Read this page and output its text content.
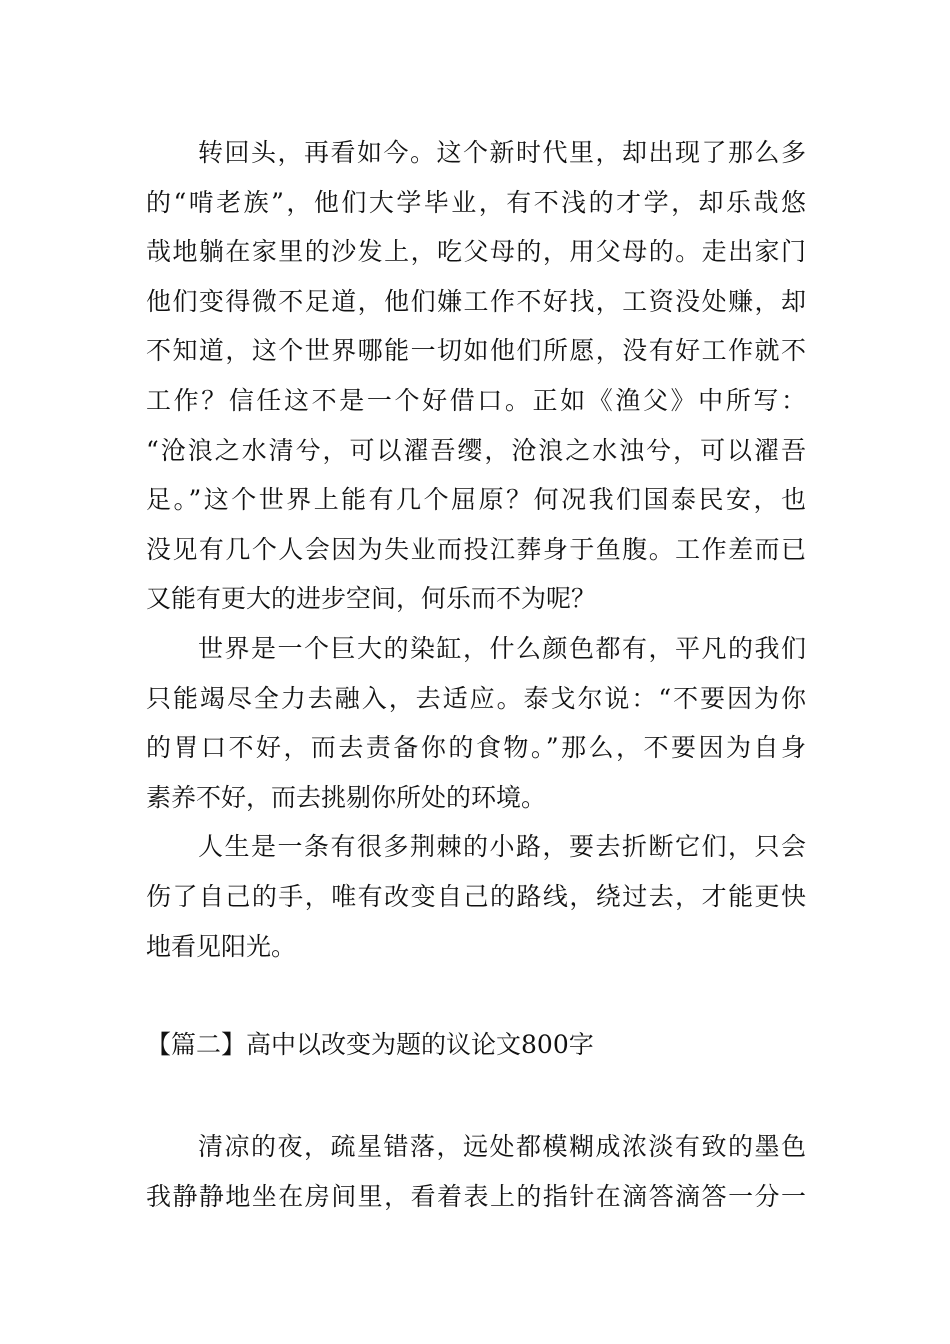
转回头，再看如今。这个新时代里，却出现了那么多
的“啃老族”，他们大学毕业，有不浅的才学，却乐哉悠
哉地躺在家里的沙发上，吃父母的，用父母的。走出家门
他们变得微不足道，他们嫌工作不好找，工资没处赚，却
不知道，这个世界哪能一切如他们所愿，没有好工作就不
工作？信任这不是一个好借口。正如《渔父》中所写：
“沧浪之水清兮，可以濯吾缨，沧浪之水浊兮，可以濯吾
足。”这个世界上能有几个屈原？何况我们国泰民安，也
没见有几个人会因为失业而投江葬身于鱼腹。工作差而已
又能有更大的进步空间，何乐而不为呢？
世界是一个巨大的染缸，什么颜色都有，平凡的我们
只能竭尽全力去融入，去适应。泰戈尔说：“不要因为你
的胃口不好，而去责备你的食物。”那么，不要因为自身
素养不好，而去挑剔你所处的环境。
人生是一条有很多荆棘的小路，要去折断它们，只会
伤了自己的手，唯有改变自己的路线，绕过去，才能更快
地看见阳光。
【篇二】高中以改变为题的议论文800字
清凉的夜，疏星错落，远处都模糊成浓淡有致的墨色
我静静地坐在房间里，看着表上的指针在滴答滴答一分一
